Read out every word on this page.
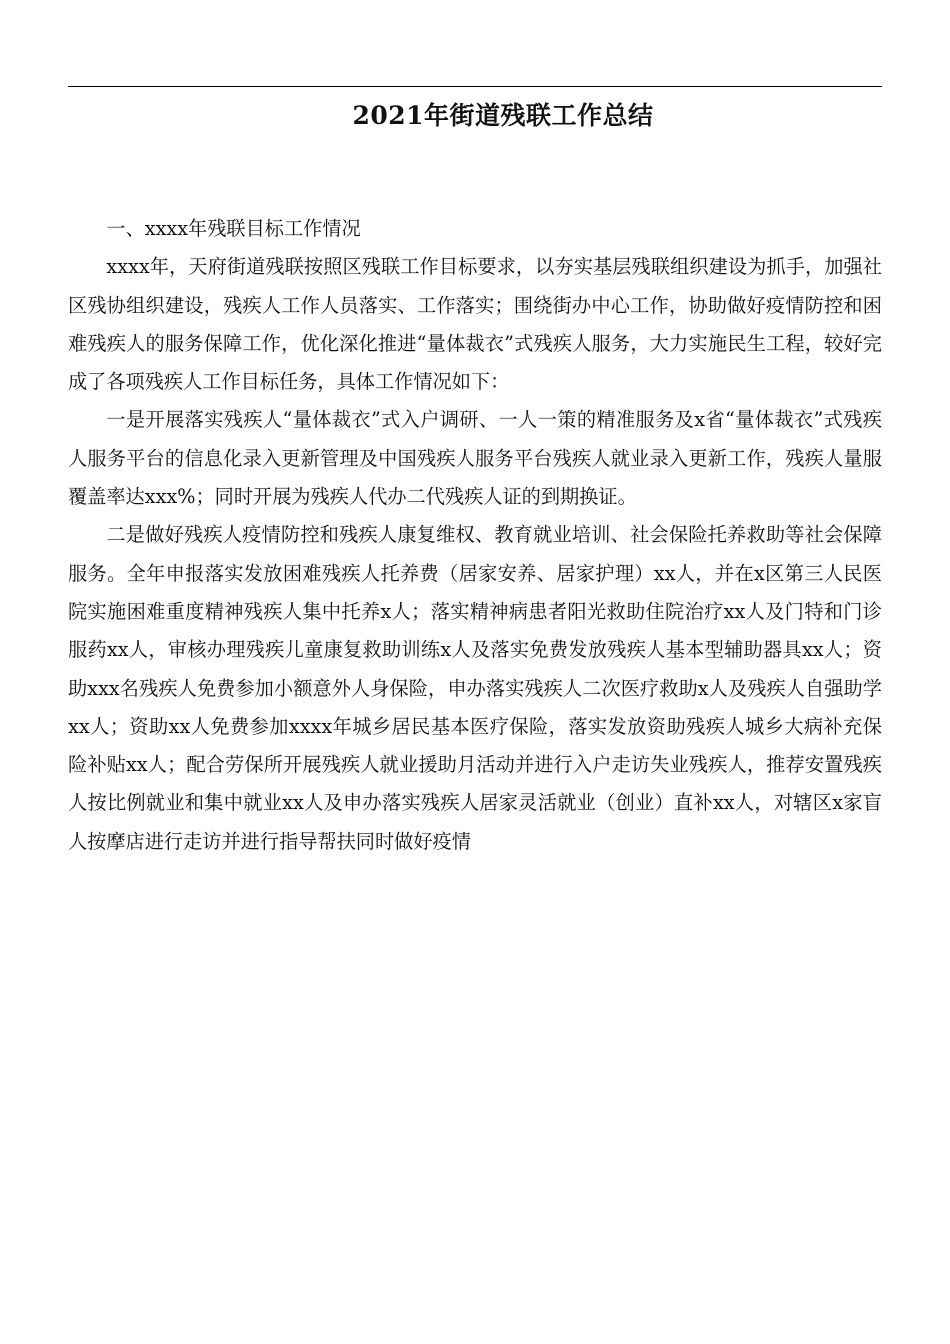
2021年街道残联工作总结

一、xxxx年残联目标工作情况

xxxx年，天府街道残联按照区残联工作目标要求，以夯实基层残联组织建设为抓手，加强社区残协组织建设，残疾人工作人员落实、工作落实；围绕街办中心工作，协助做好疫情防控和困难残疾人的服务保障工作，优化深化推进“量体裁衣”式残疾人服务，大力实施民生工程，较好完成了各项残疾人工作目标任务，具体工作情况如下：

一是开展落实残疾人“量体裁衣”式入户调研、一人一策的精准服务及x省“量体裁衣”式残疾人服务平台的信息化录入更新管理及中国残疾人服务平台残疾人就业录入更新工作，残疾人量服覆盖率达xxx%；同时开展为残疾人代办二代残疾人证的到期换证。

二是做好残疾人疫情防控和残疾人康复维权、教育就业培训、社会保险托养救助等社会保障服务。全年申报落实发放困难残疾人托养费（居家安养、居家护理）xx人，并在x区第三人民医院实施困难重度精神残疾人集中托养x人；落实精神病患者阳光救助住院治疗xx人及门特和门诊服药xx人，审核办理残疾儿童康复救助训练x人及落实免费发放残疾人基本型辅助器具xx人；资助xxx名残疾人免费参加小额意外人身保险，申办落实残疾人二次医疗救助x人及残疾人自强助学xx人；资助xx人免费参加xxxx年城乡居民基本医疗保险，落实发放资助残疾人城乡大病补充保险补贴xx人；配合劳保所开展残疾人就业援助月活动并进行入户走访失业残疾人，推荐安置残疾人按比例就业和集中就业xx人及申办落实残疾人居家灵活就业（创业）直补xx人，对辖区x家盲人按摩店进行走访并进行指导帮扶同时做好疫情
